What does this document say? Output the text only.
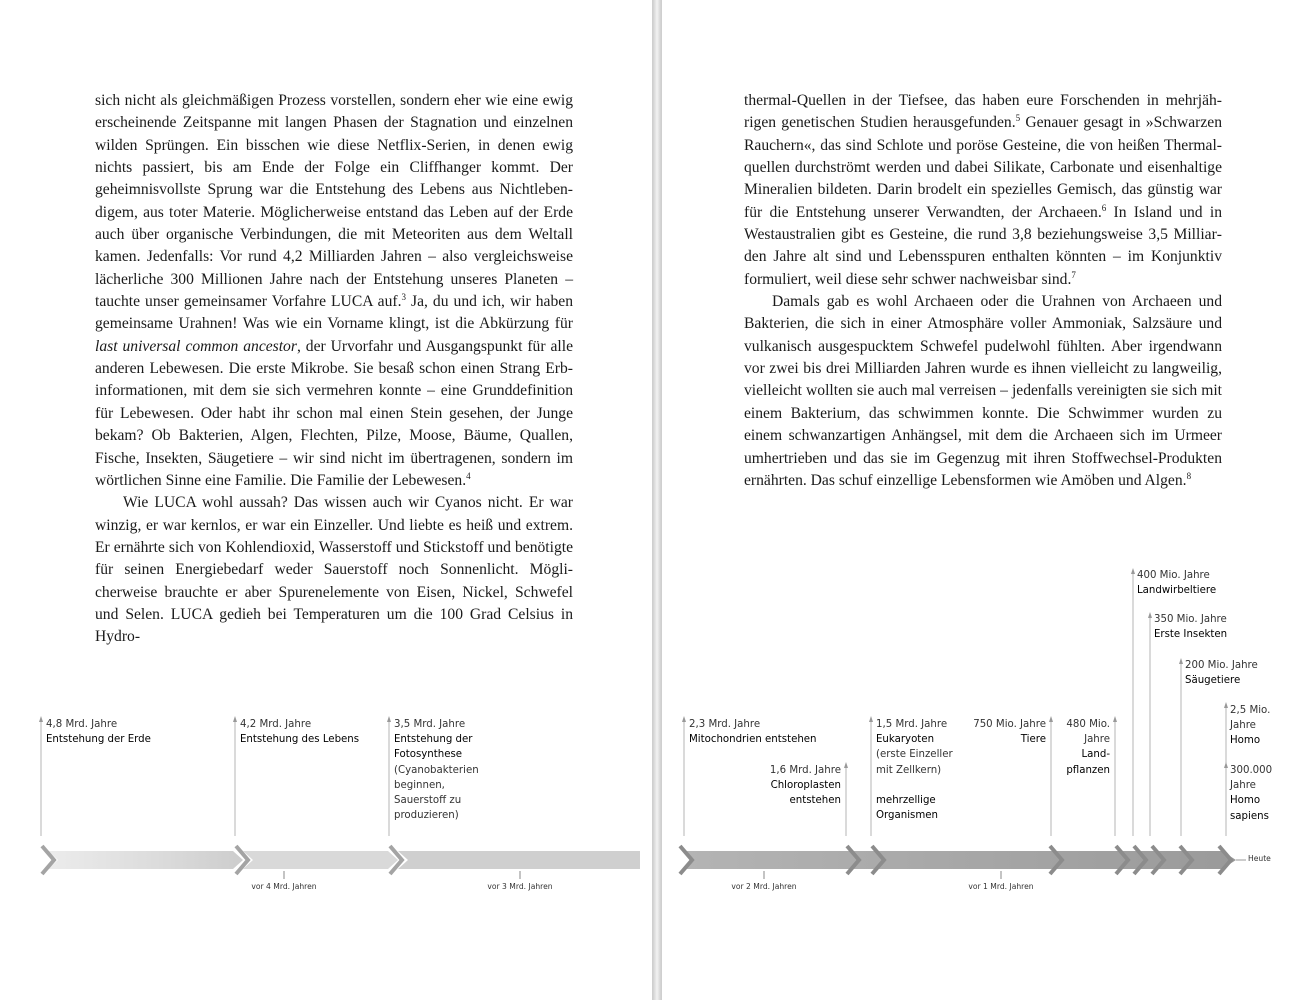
sich nicht als gleichmäßigen Prozess vorstellen, sondern eher wie eine ewig erscheinende Zeitspanne mit langen Phasen der Stagnation und einzelnen wilden Sprüngen. Ein bisschen wie diese Netflix-Serien, in denen ewig nichts passiert, bis am Ende der Folge ein Cliffhanger kommt. Der geheimnisvollste Sprung war die Entstehung des Lebens aus Nichtlebendigem, aus toter Materie. Möglicherweise entstand das Leben auf der Erde auch über organische Verbindungen, die mit Meteoriten aus dem Weltall kamen. Jedenfalls: Vor rund 4,2 Milliarden Jahren – also vergleichsweise lächerliche 300 Millionen Jahre nach der Entstehung unseres Planeten – tauchte unser gemeinsamer Vorfahre LUCA auf.$^3$ Ja, du und ich, wir haben gemeinsame Urahnen! Was wie ein Vorname klingt, ist die Abkürzung für last universal common ancestor, der Urvorfahr und Ausgangspunkt für alle anderen Lebewesen. Die erste Mikrobe. Sie besaß schon einen Strang Erbinformationen, mit dem sie sich vermehren konnte – eine Grunddefinition für Lebewesen. Oder habt ihr schon mal einen Stein gesehen, der Junge bekam? Ob Bakterien, Algen, Flechten, Pilze, Moose, Bäume, Quallen, Fische, Insekten, Säugetiere – wir sind nicht im übertragenen, sondern im wörtlichen Sinne eine Familie. Die Familie der Lebewesen.$^4$

Wie LUCA wohl aussah? Das wissen auch wir Cyanos nicht. Er war winzig, er war kernlos, er war ein Einzeller. Und liebte es heiß und extrem. Er ernährte sich von Kohlendioxid, Wasserstoff und Stickstoff und benötigte für seinen Energiebedarf weder Sauerstoff noch Sonnenlicht. Möglicherweise brauchte er aber Spurenelemente von Eisen, Nickel, Schwefel und Selen. LUCA gedieh bei Temperaturen um die 100 Grad Celsius in Hydro-

4,8 Mrd. Jahre
Entstehung der Erde
4,2 Mrd. Jahre
Entstehung des Lebens
3,5 Mrd. Jahre
Entstehung der Fotosynthese
(Cyanobakterien beginnen, Sauerstoff zu produzieren)
vor 4 Mrd. Jahren	vor 3 Mrd. Jahren

thermal-Quellen in der Tiefsee, das haben eure Forschenden in mehrjährigen genetischen Studien herausgefunden.$^5$ Genauer gesagt in »Schwarzen Rauchern«, das sind Schlote und poröse Gesteine, die von heißen Thermalquellen durchströmt werden und dabei Silikate, Carbonate und eisenhaltige Mineralien bildeten. Darin brodelt ein spezielles Gemisch, das günstig war für die Entstehung unserer Verwandten, der Archaeen.$^6$ In Island und in Westaustralien gibt es Gesteine, die rund 3,8 beziehungsweise 3,5 Milliarden Jahre alt sind und Lebensspuren enthalten könnten – im Konjunktiv formuliert, weil diese sehr schwer nachweisbar sind.$^7$

Damals gab es wohl Archaeen oder die Urahnen von Archaeen und Bakterien, die sich in einer Atmosphäre voller Ammoniak, Salzsäure und vulkanisch ausgespucktem Schwefel pudelwohl fühlten. Aber irgendwann vor zwei bis drei Milliarden Jahren wurde es ihnen vielleicht zu langweilig, vielleicht wollten sie auch mal verreisen – jedenfalls vereinigten sie sich mit einem Bakterium, das schwimmen konnte. Die Schwimmer wurden zu einem schwanzartigen Anhängsel, mit dem die Archaeen sich im Urmeer umhertrieben und das sie im Gegenzug mit ihren Stoffwechsel-Produkten ernährten. Das schuf einzellige Lebensformen wie Amöben und Algen.$^8$

2,3 Mrd. Jahre
Mitochondrien entstehen
1,6 Mrd. Jahre
Chloroplasten entstehen
1,5 Mrd. Jahre
Eukaryoten
(erste Einzeller mit Zellkern)
mehrzellige Organismen
750 Mio. Jahre
Tiere
480 Mio. Jahre
Landpflanzen
400 Mio. Jahre
Landwirbeltiere
350 Mio. Jahre
Erste Insekten
200 Mio. Jahre
Säugetiere
2,5 Mio. Jahre
Homo
300.000 Jahre
Homo sapiens
Heute
vor 2 Mrd. Jahren	vor 1 Mrd. Jahren
